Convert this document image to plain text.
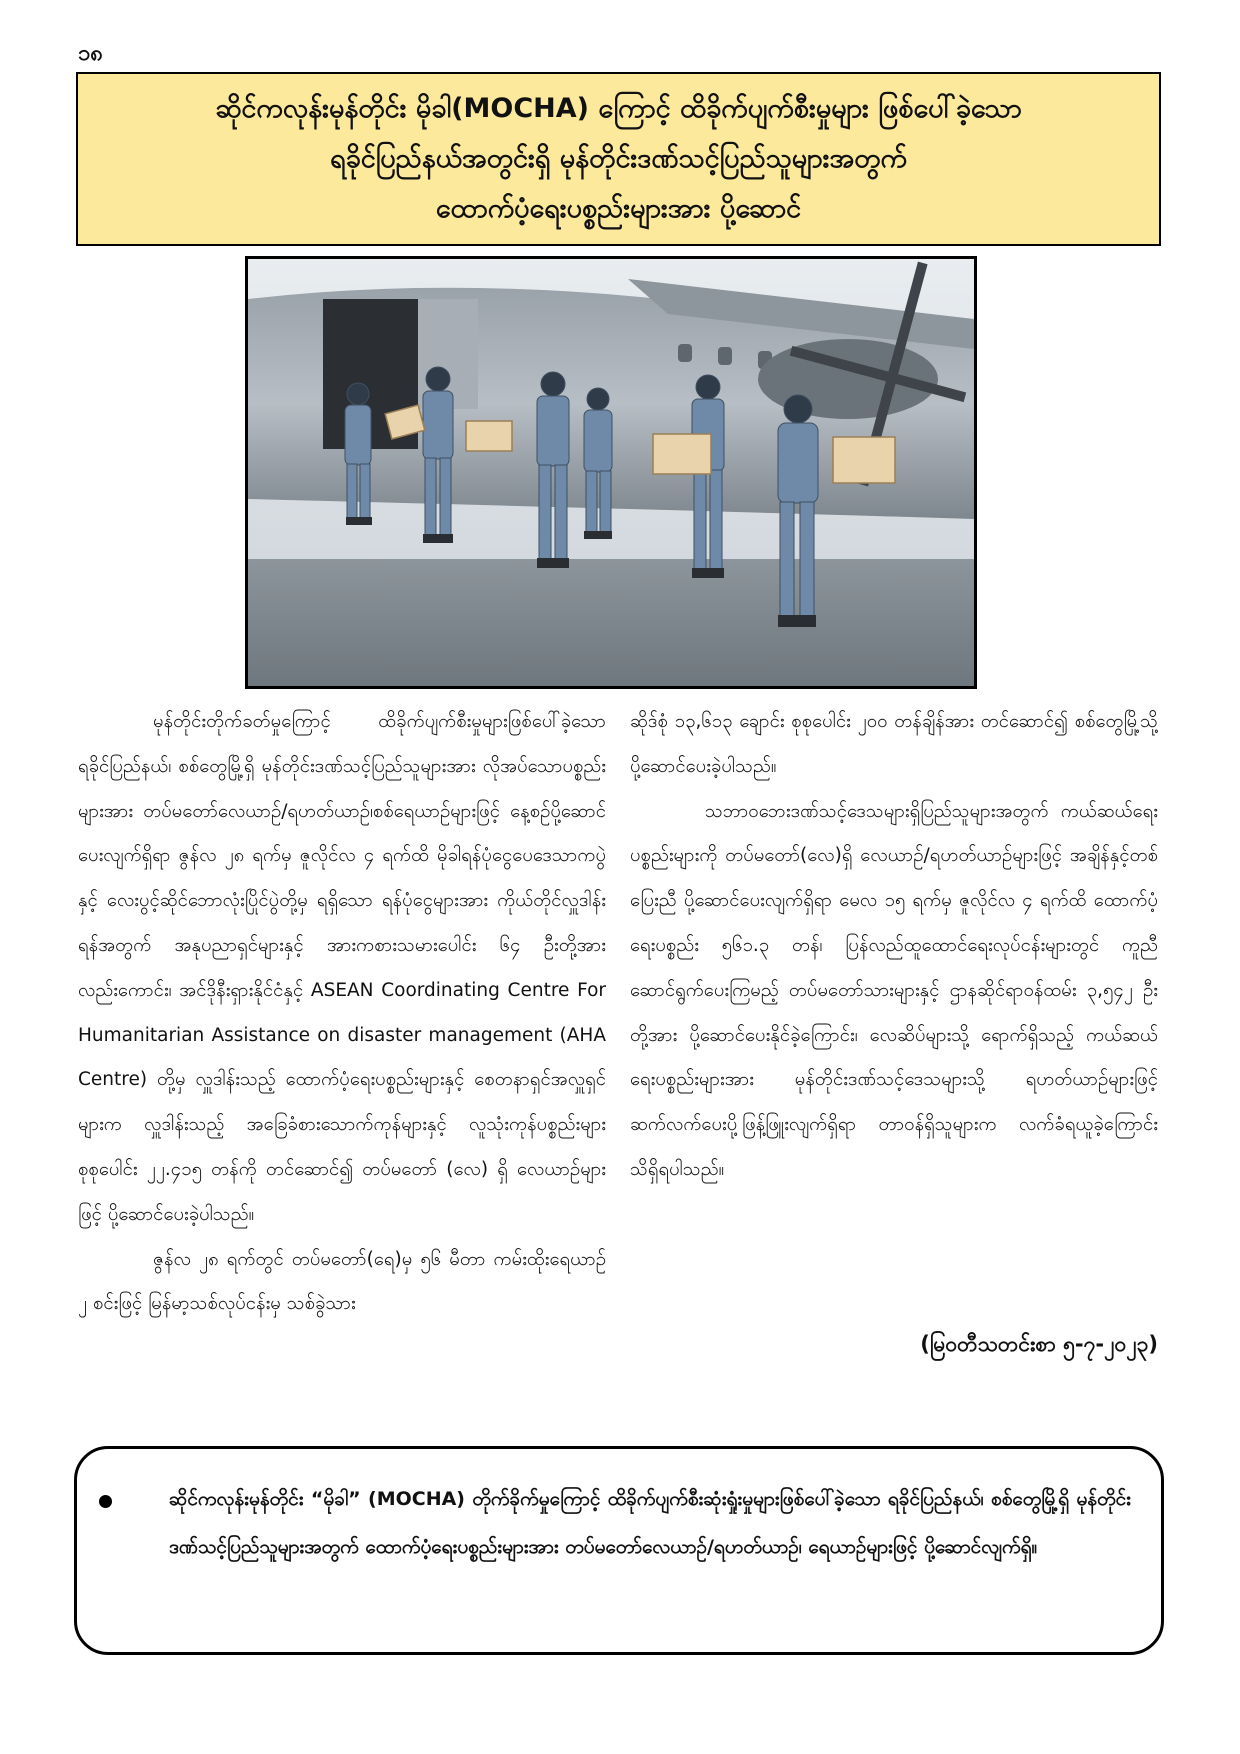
၁၈
ဆိုင်ကလုန်းမုန်တိုင်း မိုခါ(MOCHA) ကြောင့် ထိခိုက်ပျက်စီးမှုများ ဖြစ်ပေါ်ခဲ့သော
ရခိုင်ပြည်နယ်အတွင်းရှိ မုန်တိုင်းဒဏ်သင့်ပြည်သူများအတွက်
ထောက်ပံ့ရေးပစ္စည်းများအား ပို့ဆောင်

မုန်တိုင်းတိုက်ခတ်မှုကြောင့် ထိခိုက်ပျက်စီးမှုများဖြစ်ပေါ်ခဲ့သော ရခိုင်ပြည်နယ်၊ စစ်တွေမြို့ရှိ မုန်တိုင်းဒဏ်သင့်ပြည်သူများအား လိုအပ်သောပစ္စည်းများအား တပ်မတော်လေယာဉ်/ရဟတ်ယာဉ်၊စစ်ရေယာဉ်များဖြင့် နေ့စဉ်ပို့ဆောင်ပေးလျက်ရှိရာ ဇွန်လ ၂၈ ရက်မှ ဇူလိုင်လ ၄ ရက်ထိ မိုခါရန်ပုံငွေပေဒေသာကပွဲနှင့် လေးပွင့်ဆိုင်ဘောလုံးပြိုင်ပွဲတို့မှ ရရှိသော ရန်ပုံငွေများအား ကိုယ်တိုင်လှူဒါန်းရန်အတွက် အနုပညာရှင်များနှင့် အားကစားသမားပေါင်း ၆၄ ဦးတို့အားလည်းကောင်း၊ အင်ဒိုနီးရှားနိုင်ငံနှင့် ASEAN Coordinating Centre For Humanitarian Assistance on disaster management (AHA Centre) တို့မှ လှူဒါန်းသည့် ထောက်ပံ့ရေးပစ္စည်းများနှင့် စေတနာရှင်အလှူရှင်များက လှူဒါန်းသည့် အခြေခံစားသောက်ကုန်များနှင့် လူသုံးကုန်ပစ္စည်းများ စုစုပေါင်း ၂၂.၄၁၅ တန်ကို တင်ဆောင်၍ တပ်မတော် (လေ) ရှိ လေယာဉ်များဖြင့် ပို့ဆောင်ပေးခဲ့ပါသည်။

ဇွန်လ ၂၈ ရက်တွင် တပ်မတော်(ရေ)မှ ၅၆ မီတာ ကမ်းထိုးရေယာဉ် ၂ စင်းဖြင့် မြန်မာ့သစ်လုပ်ငန်းမှ သစ်ခွဲသား

ဆိုဒ်စုံ ၁၃,၆၁၃ ချောင်း စုစုပေါင်း ၂၀၀ တန်ချိန်အား တင်ဆောင်၍ စစ်တွေမြို့သို့ ပို့ဆောင်ပေးခဲ့ပါသည်။

သဘာဝဘေးဒဏ်သင့်ဒေသများရှိပြည်သူများအတွက် ကယ်ဆယ်ရေးပစ္စည်းများကို တပ်မတော်(လေ)ရှိ လေယာဉ်/ရဟတ်ယာဉ်များဖြင့် အချိန်နှင့်တစ်ပြေးညီ ပို့ဆောင်ပေးလျက်ရှိရာ မေလ ၁၅ ရက်မှ ဇူလိုင်လ ၄ ရက်ထိ ထောက်ပံ့ရေးပစ္စည်း ၅၆၁.၃ တန်၊ ပြန်လည်ထူထောင်ရေးလုပ်ငန်းများတွင် ကူညီဆောင်ရွက်ပေးကြမည့် တပ်မတော်သားများနှင့် ဌာနဆိုင်ရာဝန်ထမ်း ၃,၅၄၂ ဦးတို့အား ပို့ဆောင်ပေးနိုင်ခဲ့ကြောင်း၊ လေဆိပ်များသို့ ရောက်ရှိသည့် ကယ်ဆယ်ရေးပစ္စည်းများအား မုန်တိုင်းဒဏ်သင့်ဒေသများသို့ ရဟတ်ယာဉ်များဖြင့် ဆက်လက်ပေးပို့ဖြန့်ဖြူးလျက်ရှိရာ တာဝန်ရှိသူများက လက်ခံရယူခဲ့ကြောင်း သိရှိရပါသည်။

(မြဝတီသတင်းစာ ၅-၇-၂၀၂၃)
ဆိုင်ကလုန်းမုန်တိုင်း “မိုခါ” (MOCHA) တိုက်ခိုက်မှုကြောင့် ထိခိုက်ပျက်စီးဆုံးရှုံးမှုများဖြစ်ပေါ်ခဲ့သော ရခိုင်ပြည်နယ်၊ စစ်တွေမြို့ရှိ မုန်တိုင်းဒဏ်သင့်ပြည်သူများအတွက် ထောက်ပံ့ရေးပစ္စည်းများအား တပ်မတော်လေယာဉ်/ရဟတ်ယာဉ်၊ ရေယာဉ်များဖြင့် ပို့ဆောင်လျက်ရှိ။
